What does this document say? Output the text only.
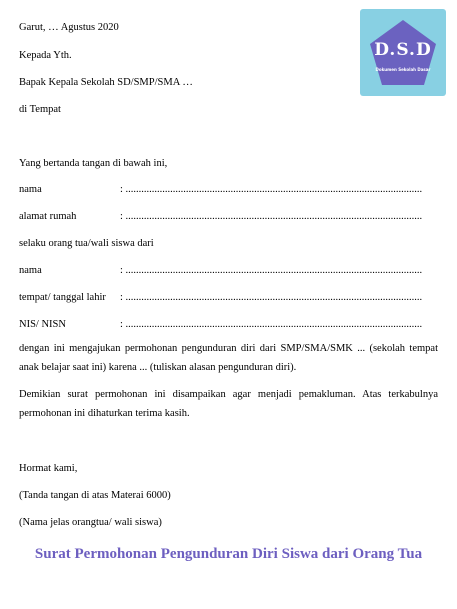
Garut, … Agustus 2020
Kepada Yth.
Bapak Kepala Sekolah SD/SMP/SMA …
di Tempat
D.S.D
Dokumen Sekolah Dasar
Yang bertanda tangan di bawah ini,
nama	: .................................................................................................................
alamat rumah	: .................................................................................................................
selaku orang tua/wali siswa dari
nama	: .................................................................................................................
tempat/ tanggal lahir : .................................................................................................................
NIS/ NISN	: .................................................................................................................
dengan ini mengajukan permohonan pengunduran diri dari SMP/SMA/SMK ... (sekolah tempat anak belajar saat ini) karena ... (tuliskan alasan pengunduran diri).
Demikian surat permohonan ini disampaikan agar menjadi pemakluman. Atas terkabulnya permohonan ini dihaturkan terima kasih.
Hormat kami,
(Tanda tangan di atas Materai 6000)
(Nama jelas orangtua/ wali siswa)
Surat Permohonan Pengunduran Diri Siswa dari Orang Tua
